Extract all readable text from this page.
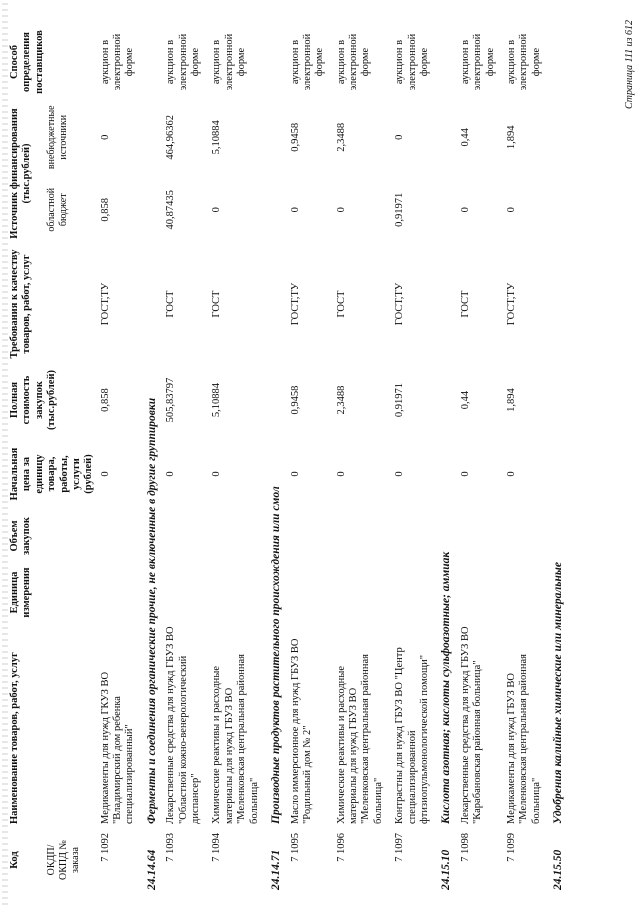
Код	Наименование товаров, работ, услуг	Единица измерения	Объем закупок	Начальная цена за единицу товара, работы, услуги (рублей)	Полная стоимость закупок (тыс.рублей)	Требования к качеству товаров, работ, услуг	Источник финансирования (тыс.рублей)		Способ определения поставщиков
ОКДП/ ОКПД № заказа							областной бюджет	внебюджетные источники	
7 1092	Медикаменты для нужд ГКУЗ ВО "Владимирский дом ребенка специализированный"			0	0,858	ГОСТ,ТУ	0,858	0	аукцион в электронной форме
24.14.64	Ферменты и соединения органические прочие, не включенные в другие группировки								
7 1093	Лекарственные средства для нужд ГБУЗ ВО "Областной кожно-венерологический диспансер"			0	505,83797	ГОСТ	40,87435	464,96362	аукцион в электронной форме
7 1094	Химические реактивы и расходные материалы для нужд ГБУЗ ВО "Меленковская центральная районная больница"			0	5,10884	ГОСТ	0	5,10884	аукцион в электронной форме
24.14.71	Производные продуктов растительного происхождения или смол								
7 1095	Масло иммерсионное для нужд ГБУЗ ВО "Родильный дом № 2"			0	0,9458	ГОСТ,ТУ	0	0,9458	аукцион в электронной форме
7 1096	Химические реактивы и расходные материалы для нужд ГБУЗ ВО "Меленковская центральная районная больница"			0	2,3488	ГОСТ	0	2,3488	аукцион в электронной форме
7 1097	Контрастны для нужд ГБУЗ ВО "Центр специализированной фтизиопульмонологической помощи"			0	0,91971	ГОСТ,ТУ	0,91971	0	аукцион в электронной форме
24.15.10	Кислота азотная; кислоты сульфоазотные; аммиак								
7 1098	Лекарственные средства для нужд ГБУЗ ВО "Карабановская районная больница"			0	0,44	ГОСТ	0	0,44	аукцион в электронной форме
7 1099	Медикаменты для нужд ГБУЗ ВО "Меленковская центральная районная больница"			0	1,894	ГОСТ,ТУ	0	1,894	аукцион в электронной форме
24.15.50	Удобрения калийные химические или минеральные								
Страница 111 из 612
